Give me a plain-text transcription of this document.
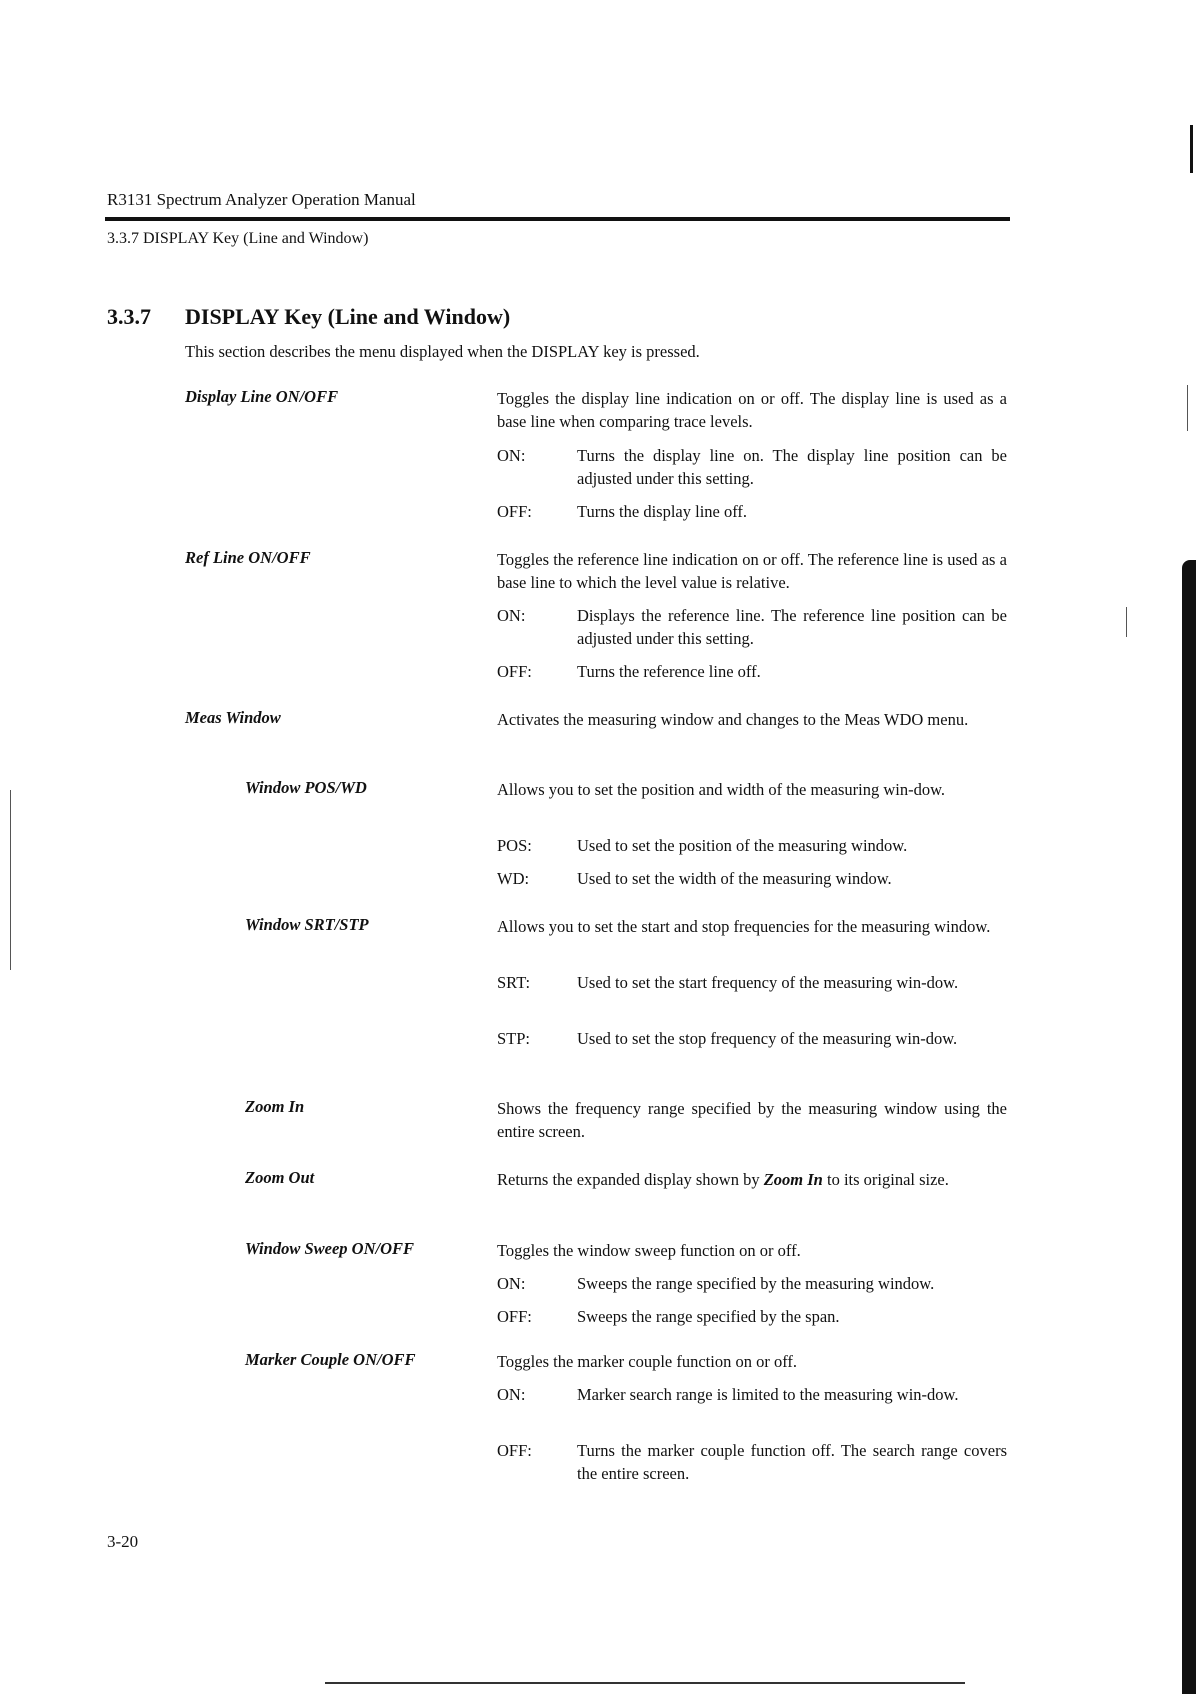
R3131 Spectrum Analyzer Operation Manual
3.3.7 DISPLAY Key (Line and Window)
3.3.7 DISPLAY Key (Line and Window)
This section describes the menu displayed when the DISPLAY key is pressed.
Display Line ON/OFF	Toggles the display line indication on or off. The display line is used as a base line when comparing trace levels.
ON:	Turns the display line on. The display line position can be adjusted under this setting.
OFF:	Turns the display line off.
Ref Line ON/OFF	Toggles the reference line indication on or off. The reference line is used as a base line to which the level value is relative.
ON:	Displays the reference line. The reference line position can be adjusted under this setting.
OFF:	Turns the reference line off.
Meas Window	Activates the measuring window and changes to the Meas WDO menu.
Window POS/WD	Allows you to set the position and width of the measuring win-dow.
POS:	Used to set the position of the measuring window.
WD:	Used to set the width of the measuring window.
Window SRT/STP	Allows you to set the start and stop frequencies for the measuring window.
SRT:	Used to set the start frequency of the measuring win-dow.
STP:	Used to set the stop frequency of the measuring win-dow.
Zoom In	Shows the frequency range specified by the measuring window using the entire screen.
Zoom Out	Returns the expanded display shown by Zoom In to its original size.
Window Sweep ON/OFF	Toggles the window sweep function on or off.
ON:	Sweeps the range specified by the measuring window.
OFF:	Sweeps the range specified by the span.
Marker Couple ON/OFF	Toggles the marker couple function on or off.
ON:	Marker search range is limited to the measuring win-dow.
OFF:	Turns the marker couple function off. The search range covers the entire screen.
3-20
